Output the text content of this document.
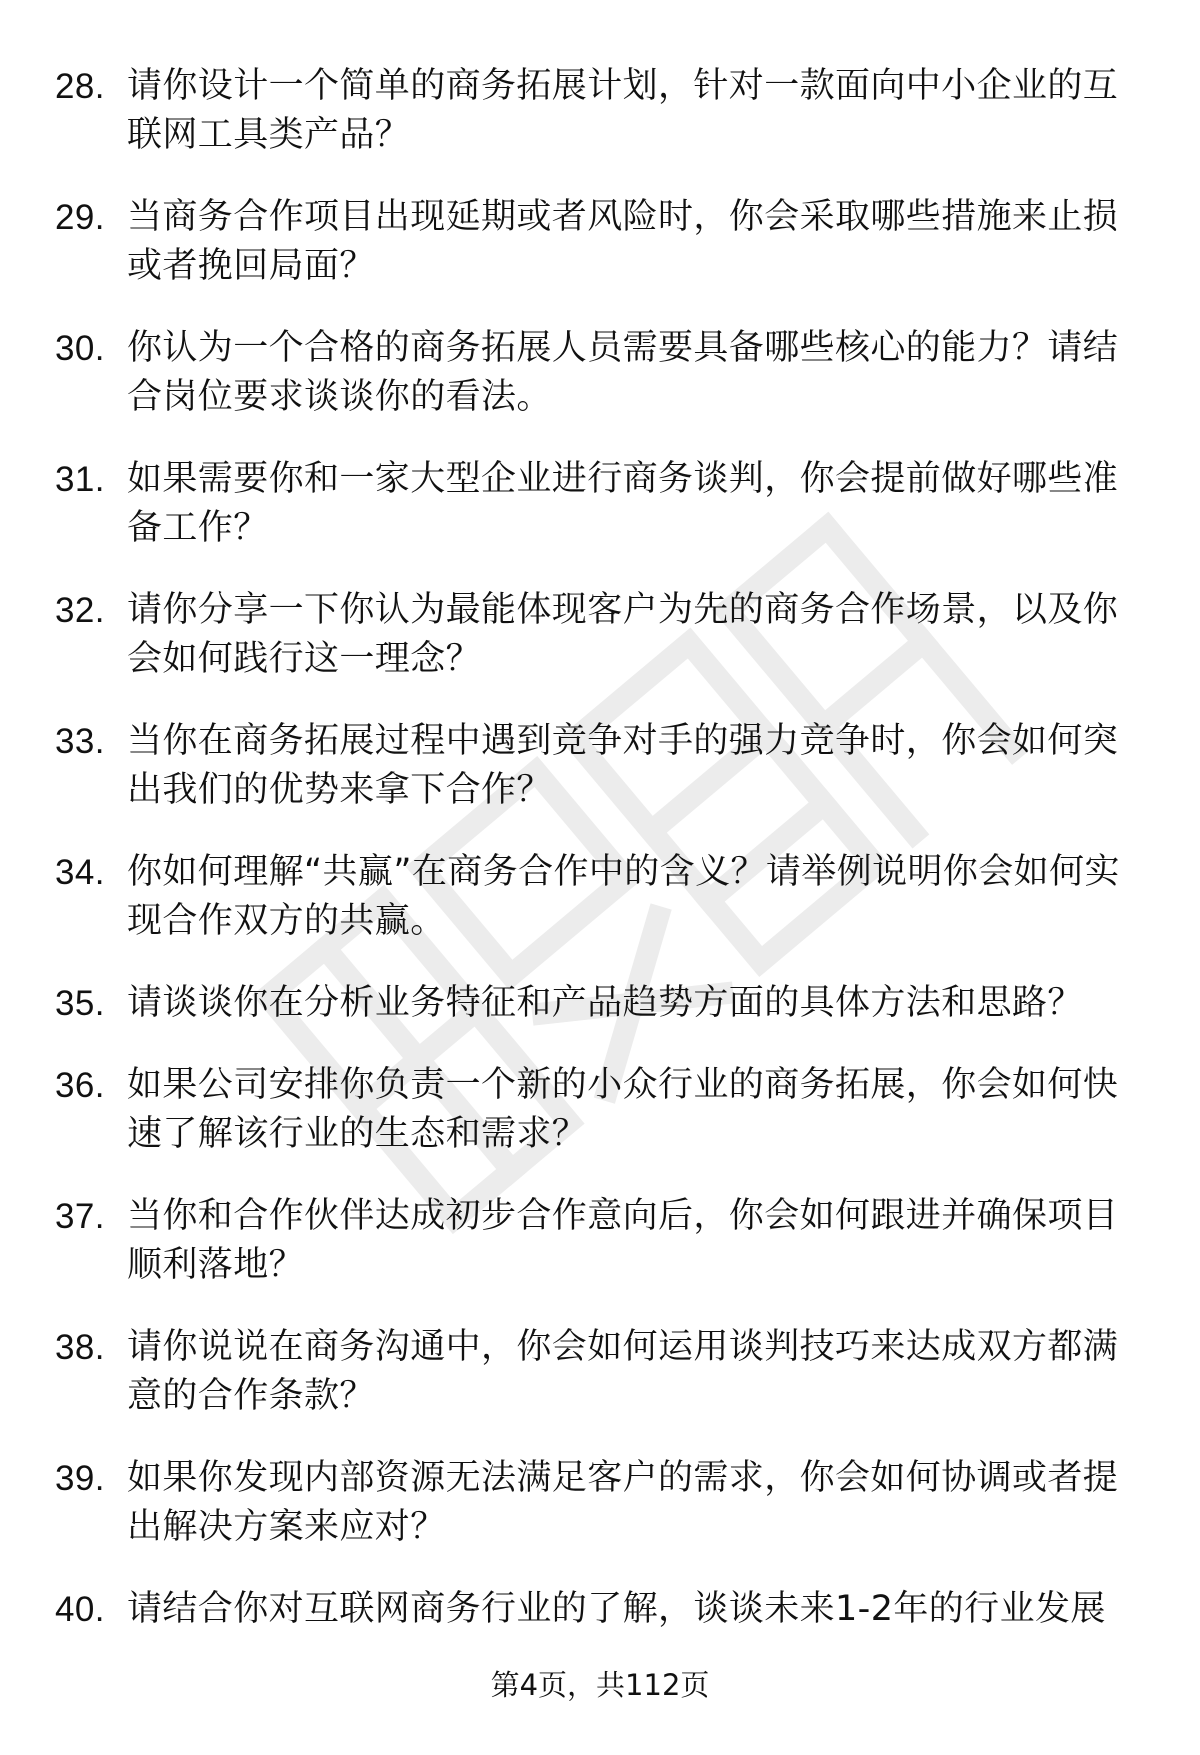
28. 请你设计一个简单的商务拓展计划，针对一款面向中小企业的互联网工具类产品？
29. 当商务合作项目出现延期或者风险时，你会采取哪些措施来止损或者挽回局面？
30. 你认为一个合格的商务拓展人员需要具备哪些核心的能力？请结合岗位要求谈谈你的看法。
31. 如果需要你和一家大型企业进行商务谈判，你会提前做好哪些准备工作？
32. 请你分享一下你认为最能体现客户为先的商务合作场景，以及你会如何践行这一理念？
33. 当你在商务拓展过程中遇到竞争对手的强力竞争时，你会如何突出我们的优势来拿下合作？
34. 你如何理解“共赢”在商务合作中的含义？请举例说明你会如何实现合作双方的共赢。
35. 请谈谈你在分析业务特征和产品趋势方面的具体方法和思路？
36. 如果公司安排你负责一个新的小众行业的商务拓展，你会如何快速了解该行业的生态和需求？
37. 当你和合作伙伴达成初步合作意向后，你会如何跟进并确保项目顺利落地？
38. 请你说说在商务沟通中，你会如何运用谈判技巧来达成双方都满意的合作条款？
39. 如果你发现内部资源无法满足客户的需求，你会如何协调或者提出解决方案来应对？
40. 请结合你对互联网商务行业的了解，谈谈未来1-2年的行业发展
第4页，共112页
